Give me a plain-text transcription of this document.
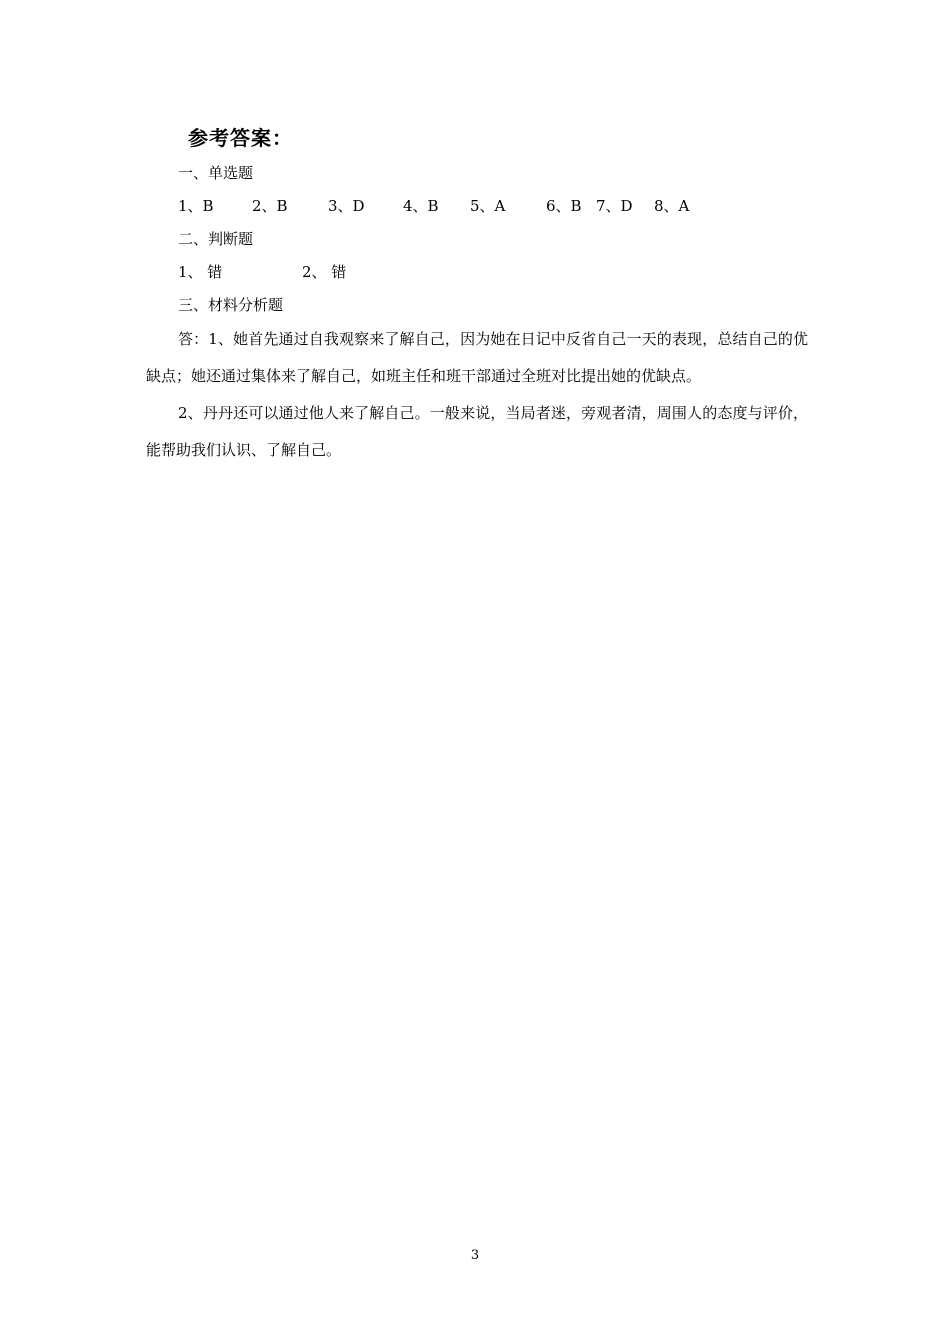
参考答案：
一、单选题
1、B	2、B	3、D	4、B 5、A	6、B 7、D 8、A
二、判断题
1、 错	2、 错
三、材料分析题
答：1、她首先通过自我观察来了解自己，因为她在日记中反省自己一天的表现，总结自己的优缺点；她还通过集体来了解自己，如班主任和班干部通过全班对比提出她的优缺点。
2、丹丹还可以通过他人来了解自己。一般来说，当局者迷，旁观者清，周围人的态度与评价，能帮助我们认识、了解自己。
3
